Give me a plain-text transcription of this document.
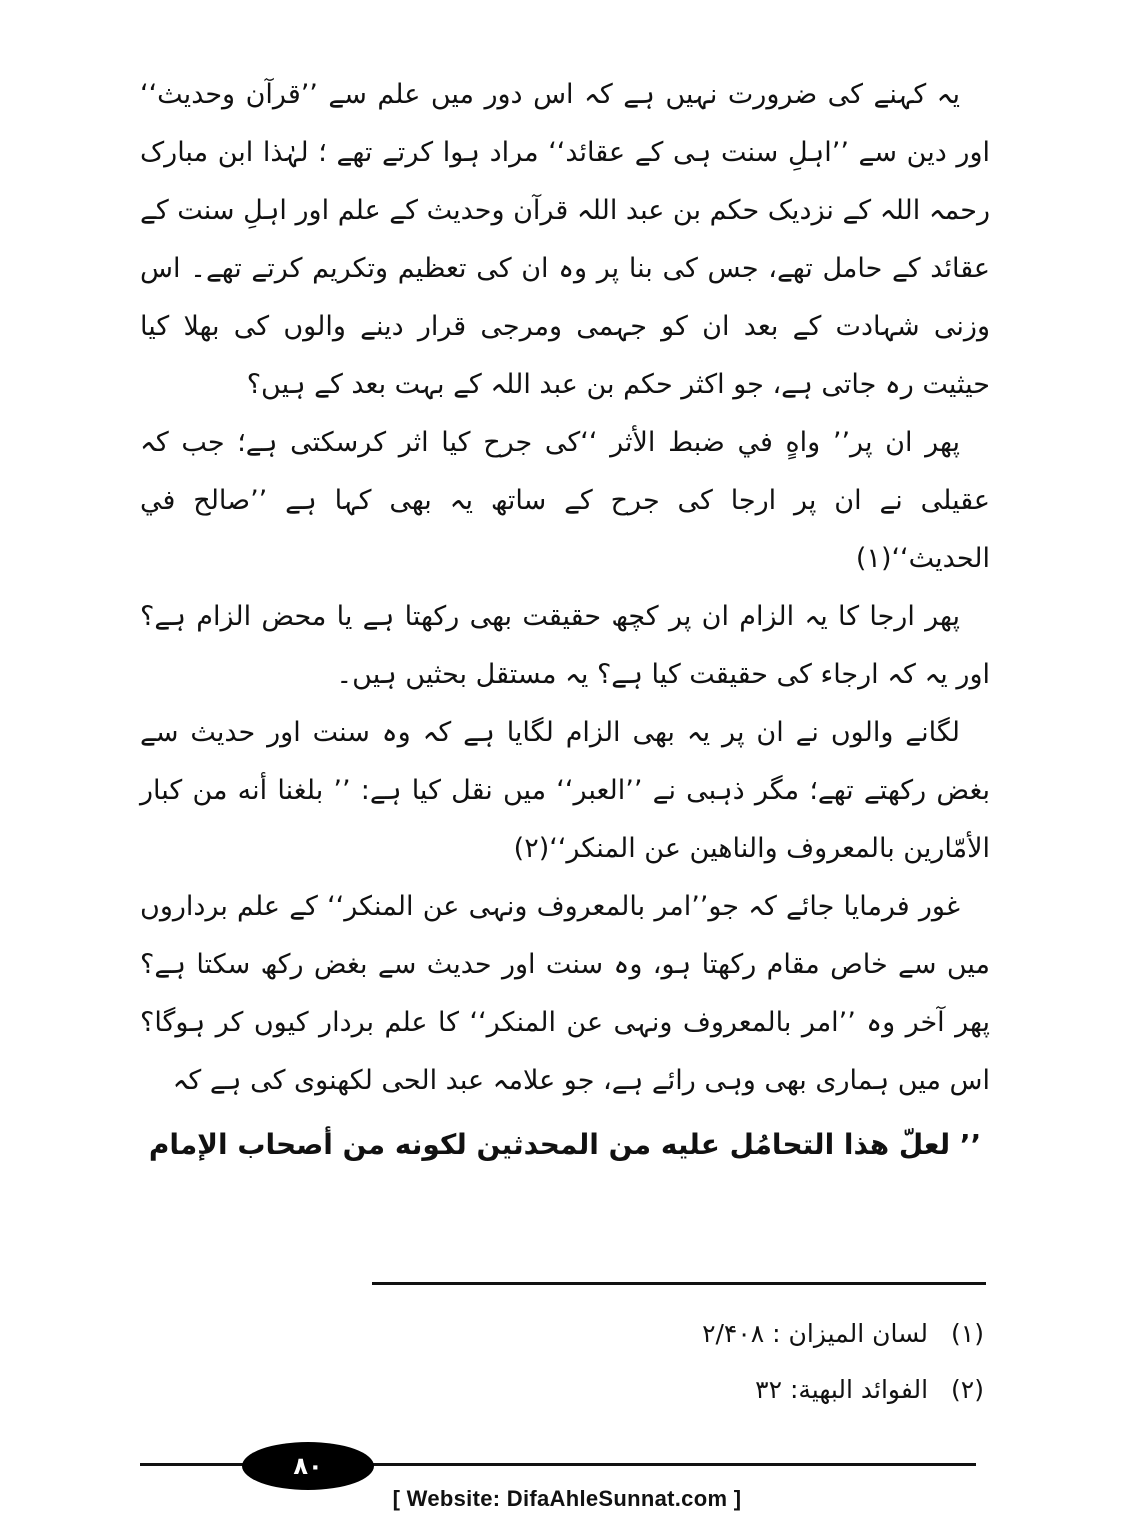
یہ کہنے کی ضرورت نہیں ہے کہ اس دور میں علم سے ’’قرآن وحدیث‘‘ اور دین سے ’’اہلِ سنت ہی کے عقائد‘‘ مراد ہوا کرتے تھے ؛ لہٰذا ابن مبارک رحمہ اللہ کے نزدیک حکم بن عبد اللہ قرآن وحدیث کے علم اور اہلِ سنت کے عقائد کے حامل تھے، جس کی بنا پر وہ ان کی تعظیم وتکریم کرتے تھے۔ اس وزنی شہادت کے بعد ان کو جہمی ومرجی قرار دینے والوں کی بھلا کیا حیثیت رہ جاتی ہے، جو اکثر حکم بن عبد اللہ کے بہت بعد کے ہیں؟

پھر ان پر’’ واهٍ في ضبط الأثر ‘‘کی جرح کیا اثر کرسکتی ہے؛ جب کہ عقیلی نے ان پر ارجا کی جرح کے ساتھ یہ بھی کہا ہے ’’صالح في الحديث‘‘(۱)

پھر ارجا کا یہ الزام ان پر کچھ حقیقت بھی رکھتا ہے یا محض الزام ہے؟ اور یہ کہ ارجاء کی حقیقت کیا ہے؟ یہ مستقل بحثیں ہیں۔

لگانے والوں نے ان پر یہ بھی الزام لگایا ہے کہ وہ سنت اور حدیث سے بغض رکھتے تھے؛ مگر ذہبی نے ’’العبر‘‘ میں نقل کیا ہے: ’’ بلغنا أنه من كبار الأمّارين بالمعروف والناهين عن المنكر‘‘(۲)

غور فرمایا جائے کہ جو’’امر بالمعروف ونہی عن المنکر‘‘ کے علم برداروں میں سے خاص مقام رکھتا ہو، وہ سنت اور حدیث سے بغض رکھ سکتا ہے؟ پھر آخر وہ ’’امر بالمعروف ونہی عن المنکر‘‘ کا علم بردار کیوں کر ہوگا؟ اس میں ہماری بھی وہی رائے ہے، جو علامہ عبد الحی لکھنوی کی ہے کہ

’’ لعلّ هذا التحامُل عليه من المحدثين لكونه من أصحاب الإمام

(۱) لسان الميزان : ۲/۴۰۸
(۲) الفوائد البهية: ۳۲
۸۰
[ Website: DifaAhleSunnat.com ]
